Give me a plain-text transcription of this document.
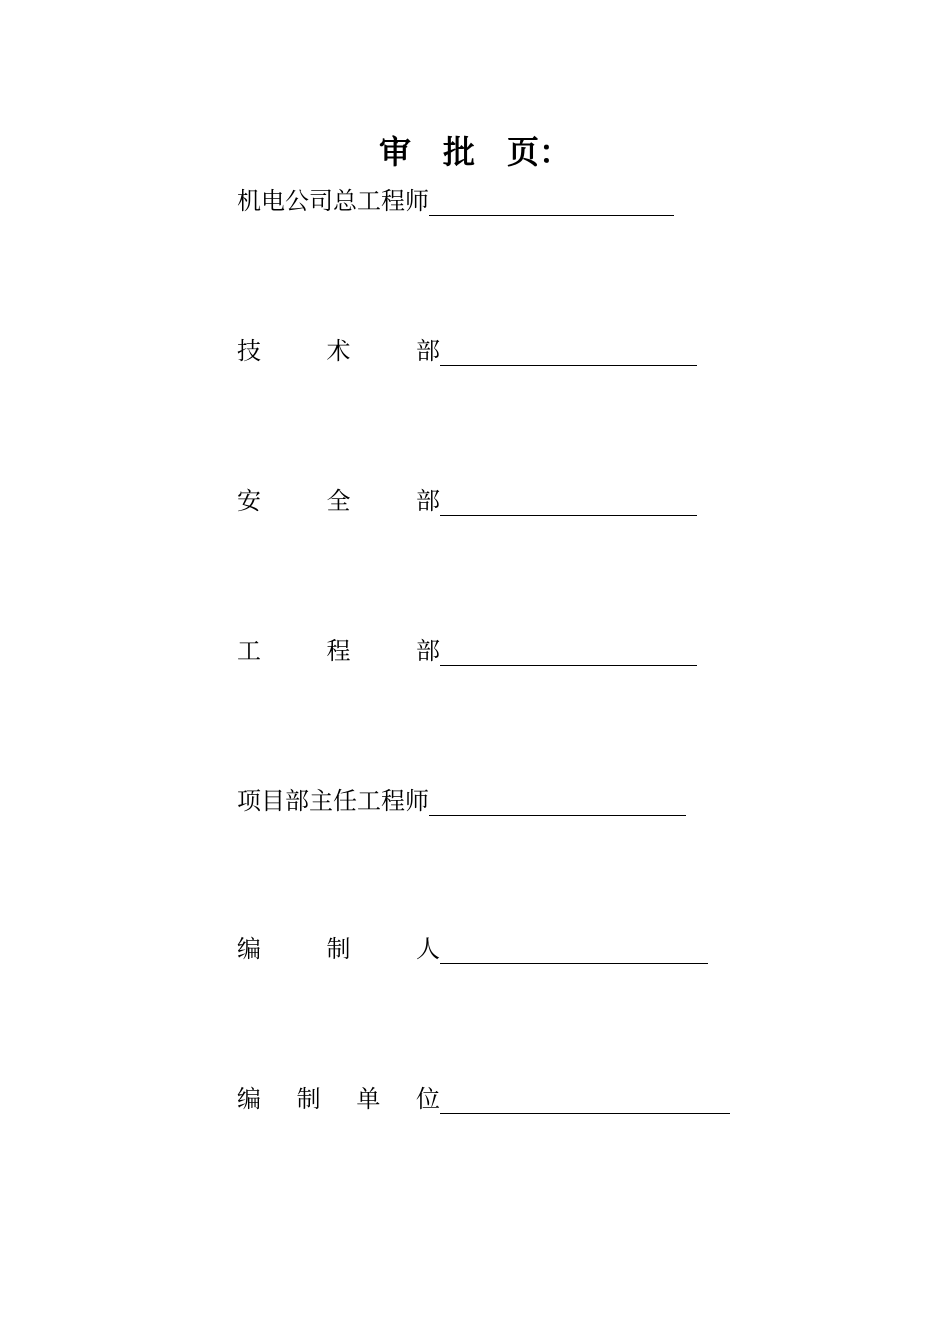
审　批　页：
机电公司总工程师
技	术	部
安	全	部
工	程	部
项目部主任工程师
编	制	人
编 制 单 位
